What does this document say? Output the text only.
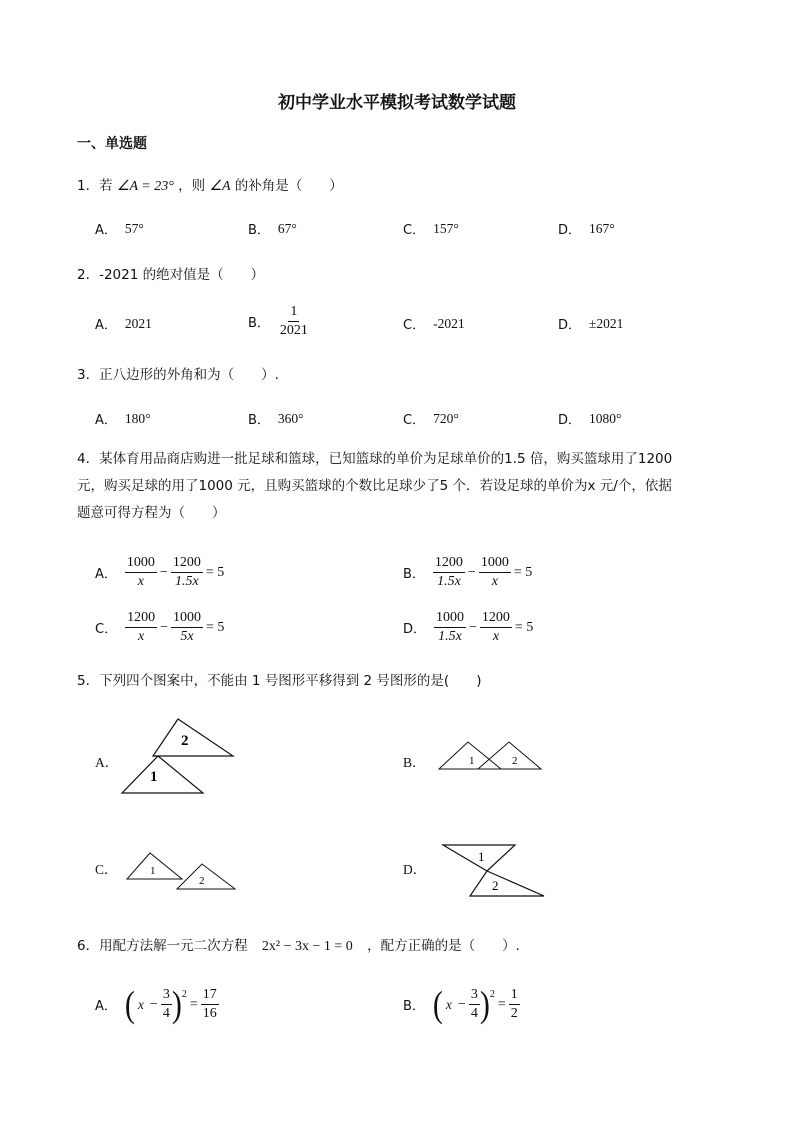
初中学业水平模拟考试数学试题
一、单选题
1．若 ∠A = 23° ，则 ∠A 的补角是（　　）
A． 57°	B． 67°	C． 157°	D． 167°
2．-2021 的绝对值是（　　）
A． 2021	B． $\frac{1}{2021}$	C． -2021	D． ±2021
3．正八边形的外角和为（　　）.
A． 180°	B． 360°	C． 720°	D． 1080°
4．某体育用品商店购进一批足球和篮球，已知篮球的单价为足球单价的1.5 倍，购买篮球用了1200
元，购买足球的用了1000 元，且购买篮球的个数比足球少了5 个．若设足球的单价为x 元/个，依据
题意可得方程为（　　）
A． $\frac{1000}{x} - \frac{1200}{1.5x} = 5$	B． $\frac{1200}{1.5x} - \frac{1000}{x} = 5$
C． $\frac{1200}{x} - \frac{1000}{5x} = 5$	D． $\frac{1000}{1.5x} - \frac{1200}{x} = 5$
5．下列四个图案中，不能由 1 号图形平移得到 2 号图形的是(　　)
A．
2
1
B．	1	2
C．	1
2
D．
1
2
6．用配方法解一元二次方程 2x² − 3x − 1 = 0 ，配方正确的是（　　）.
A． ( $x - \frac{3}{4} )^2$
= $\frac{17}{16}$	B． ( $x - \frac{3}{4} )^2$
= $\frac{1}{2}$
